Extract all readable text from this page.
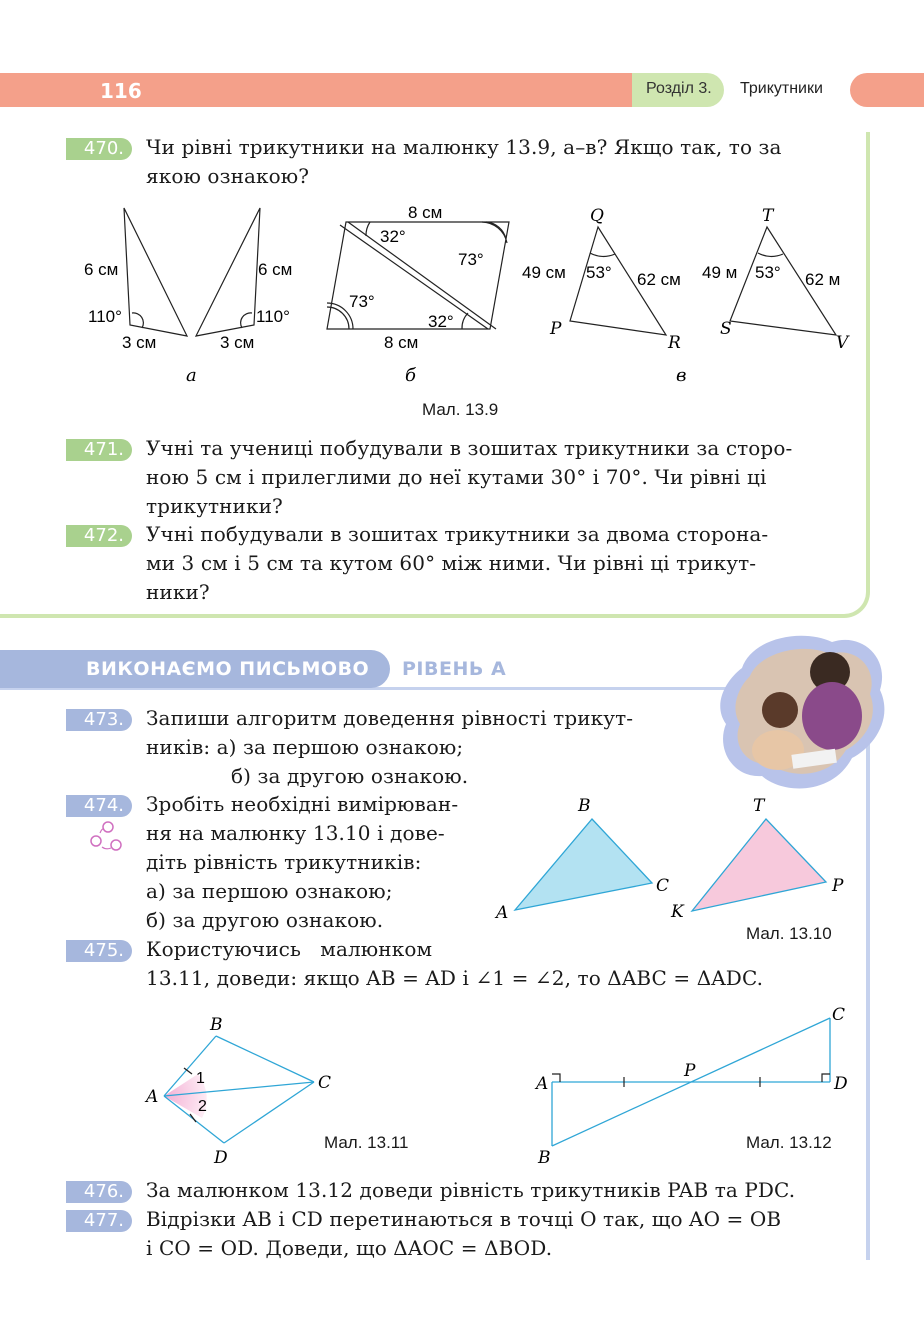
116	Розділ 3. Трикутники
470.	Чи рівні трикутники на малюнку 13.9, а–в? Якщо так, то за
якою ознакою?
6 см	6 см
110°	110°
3 см	3 см
а
8 см
32°
73°
73°
32°
8 см
б
Q
P
R
49 см	62 см
53°
T
S
V
49 м	62 м
53°
в
Мал. 13.9
471.	Учні та учениці побудували в зошитах трикутники за сторо-
ною 5 см і прилеглими до неї кутами 30° і 70°. Чи рівні ці
трикутники?
472.	Учні побудували в зошитах трикутники за двома сторона-
ми 3 см і 5 см та кутом 60° між ними. Чи рівні ці трикут-
ники?
ВИКОНАЄМО ПИСЬМОВО РІВЕНЬ А
473.	Запиши алгоритм доведення рівності трикут-
ників: а) за першою ознакою;
б) за другою ознакою.
474.	Зробіть необхідні вимірюван-
ня на малюнку 13.10 і дове-
діть рівність трикутників:
а) за першою ознакою;
б) за другою ознакою.	A
B
C
K
T
P
Мал. 13.10
475.	Користуючись   малюнком
13.11, доведи: якщо AB = AD і ∠1 = ∠2, то ΔABC = ΔADC.
A
B
C
D
1
2
Мал. 13.11
A
B
C
D
P
Мал. 13.12
476.	За малюнком 13.12 доведи рівність трикутників PAB та PDC.
477.	Відрізки AB і CD перетинаються в точці O так, що AO = OB
і CO = OD. Доведи, що ΔAOC = ΔBOD.
